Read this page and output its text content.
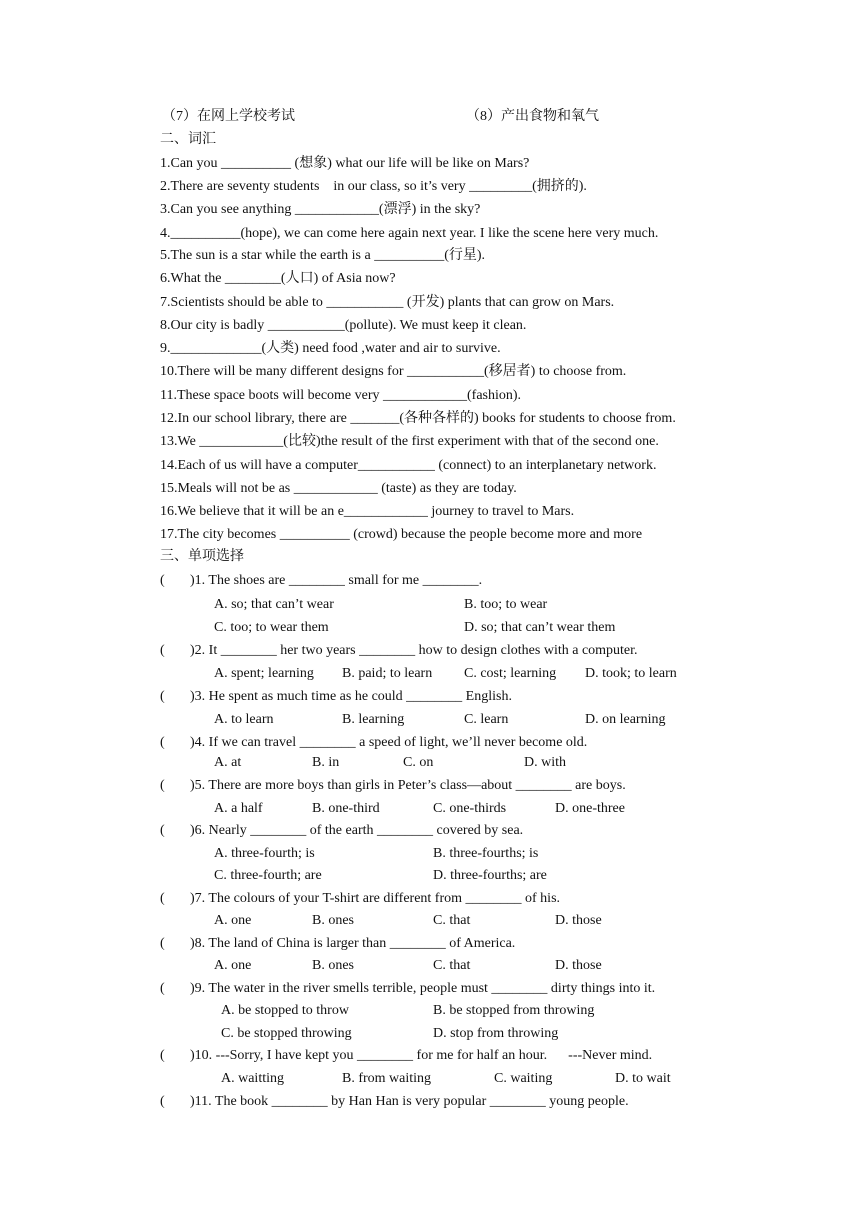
（7）在网上学校考试	（8）产出食物和氧气
二、词汇
1.Can you __________ (想象) what our life will be like on Mars?
2.There are seventy students    in our class, so it’s very _________(拥挤的).
3.Can you see anything ____________(漂浮) in the sky?
4.__________(hope), we can come here again next year. I like the scene here very much.
5.The sun is a star while the earth is a __________(行星).
6.What the ________(人口) of Asia now?
7.Scientists should be able to ___________ (开发) plants that can grow on Mars.
8.Our city is badly ___________(pollute). We must keep it clean.
9._____________(人类) need food ,water and air to survive.
10.There will be many different designs for ___________(移居者) to choose from.
11.These space boots will become very ____________(fashion).
12.In our school library, there are _______(各种各样的) books for students to choose from.
13.We ____________(比较)the result of the first experiment with that of the second one.
14.Each of us will have a computer___________ (connect) to an interplanetary network.
15.Meals will not be as ____________ (taste) as they are today.
16.We believe that it will be an e____________ journey to travel to Mars.
17.The city becomes __________ (crowd) because the people become more and more
三、单项选择
( )1. The shoes are ________ small for me ________.
A. so; that can’t wear	B. too; to wear
C. too; to wear them	D. so; that can’t wear them
( )2. It ________ her two years ________ how to design clothes with a computer.
A. spent; learning B. paid; to learn C. cost; learning D. took; to learn
( )3. He spent as much time as he could ________ English.
A. to learn	B. learning	C. learn	D. on learning
( )4. If we can travel ________ a speed of light, we’ll never become old.
A. at	B. in	C. on	D. with
( )5. There are more boys than girls in Peter’s class—about ________ are boys.
A. a half	B. one-third	C. one-thirds	D. one-three
( )6. Nearly ________ of the earth ________ covered by sea.
A. three-fourth; is	B. three-fourths; is
C. three-fourth; are	D. three-fourths; are
( )7. The colours of your T-shirt are different from ________ of his.
A. one	B. ones	C. that	D. those
( )8. The land of China is larger than ________ of America.
A. one	B. ones	C. that	D. those
( )9. The water in the river smells terrible, people must ________ dirty things into it.
A. be stopped to throw	B. be stopped from throwing
C. be stopped throwing	D. stop from throwing
( )10. ---Sorry, I have kept you ________ for me for half an hour.      ---Never mind.
A. waitting	B. from waiting	C. waiting	D. to wait
( )11. The book ________ by Han Han is very popular ________ young people.
